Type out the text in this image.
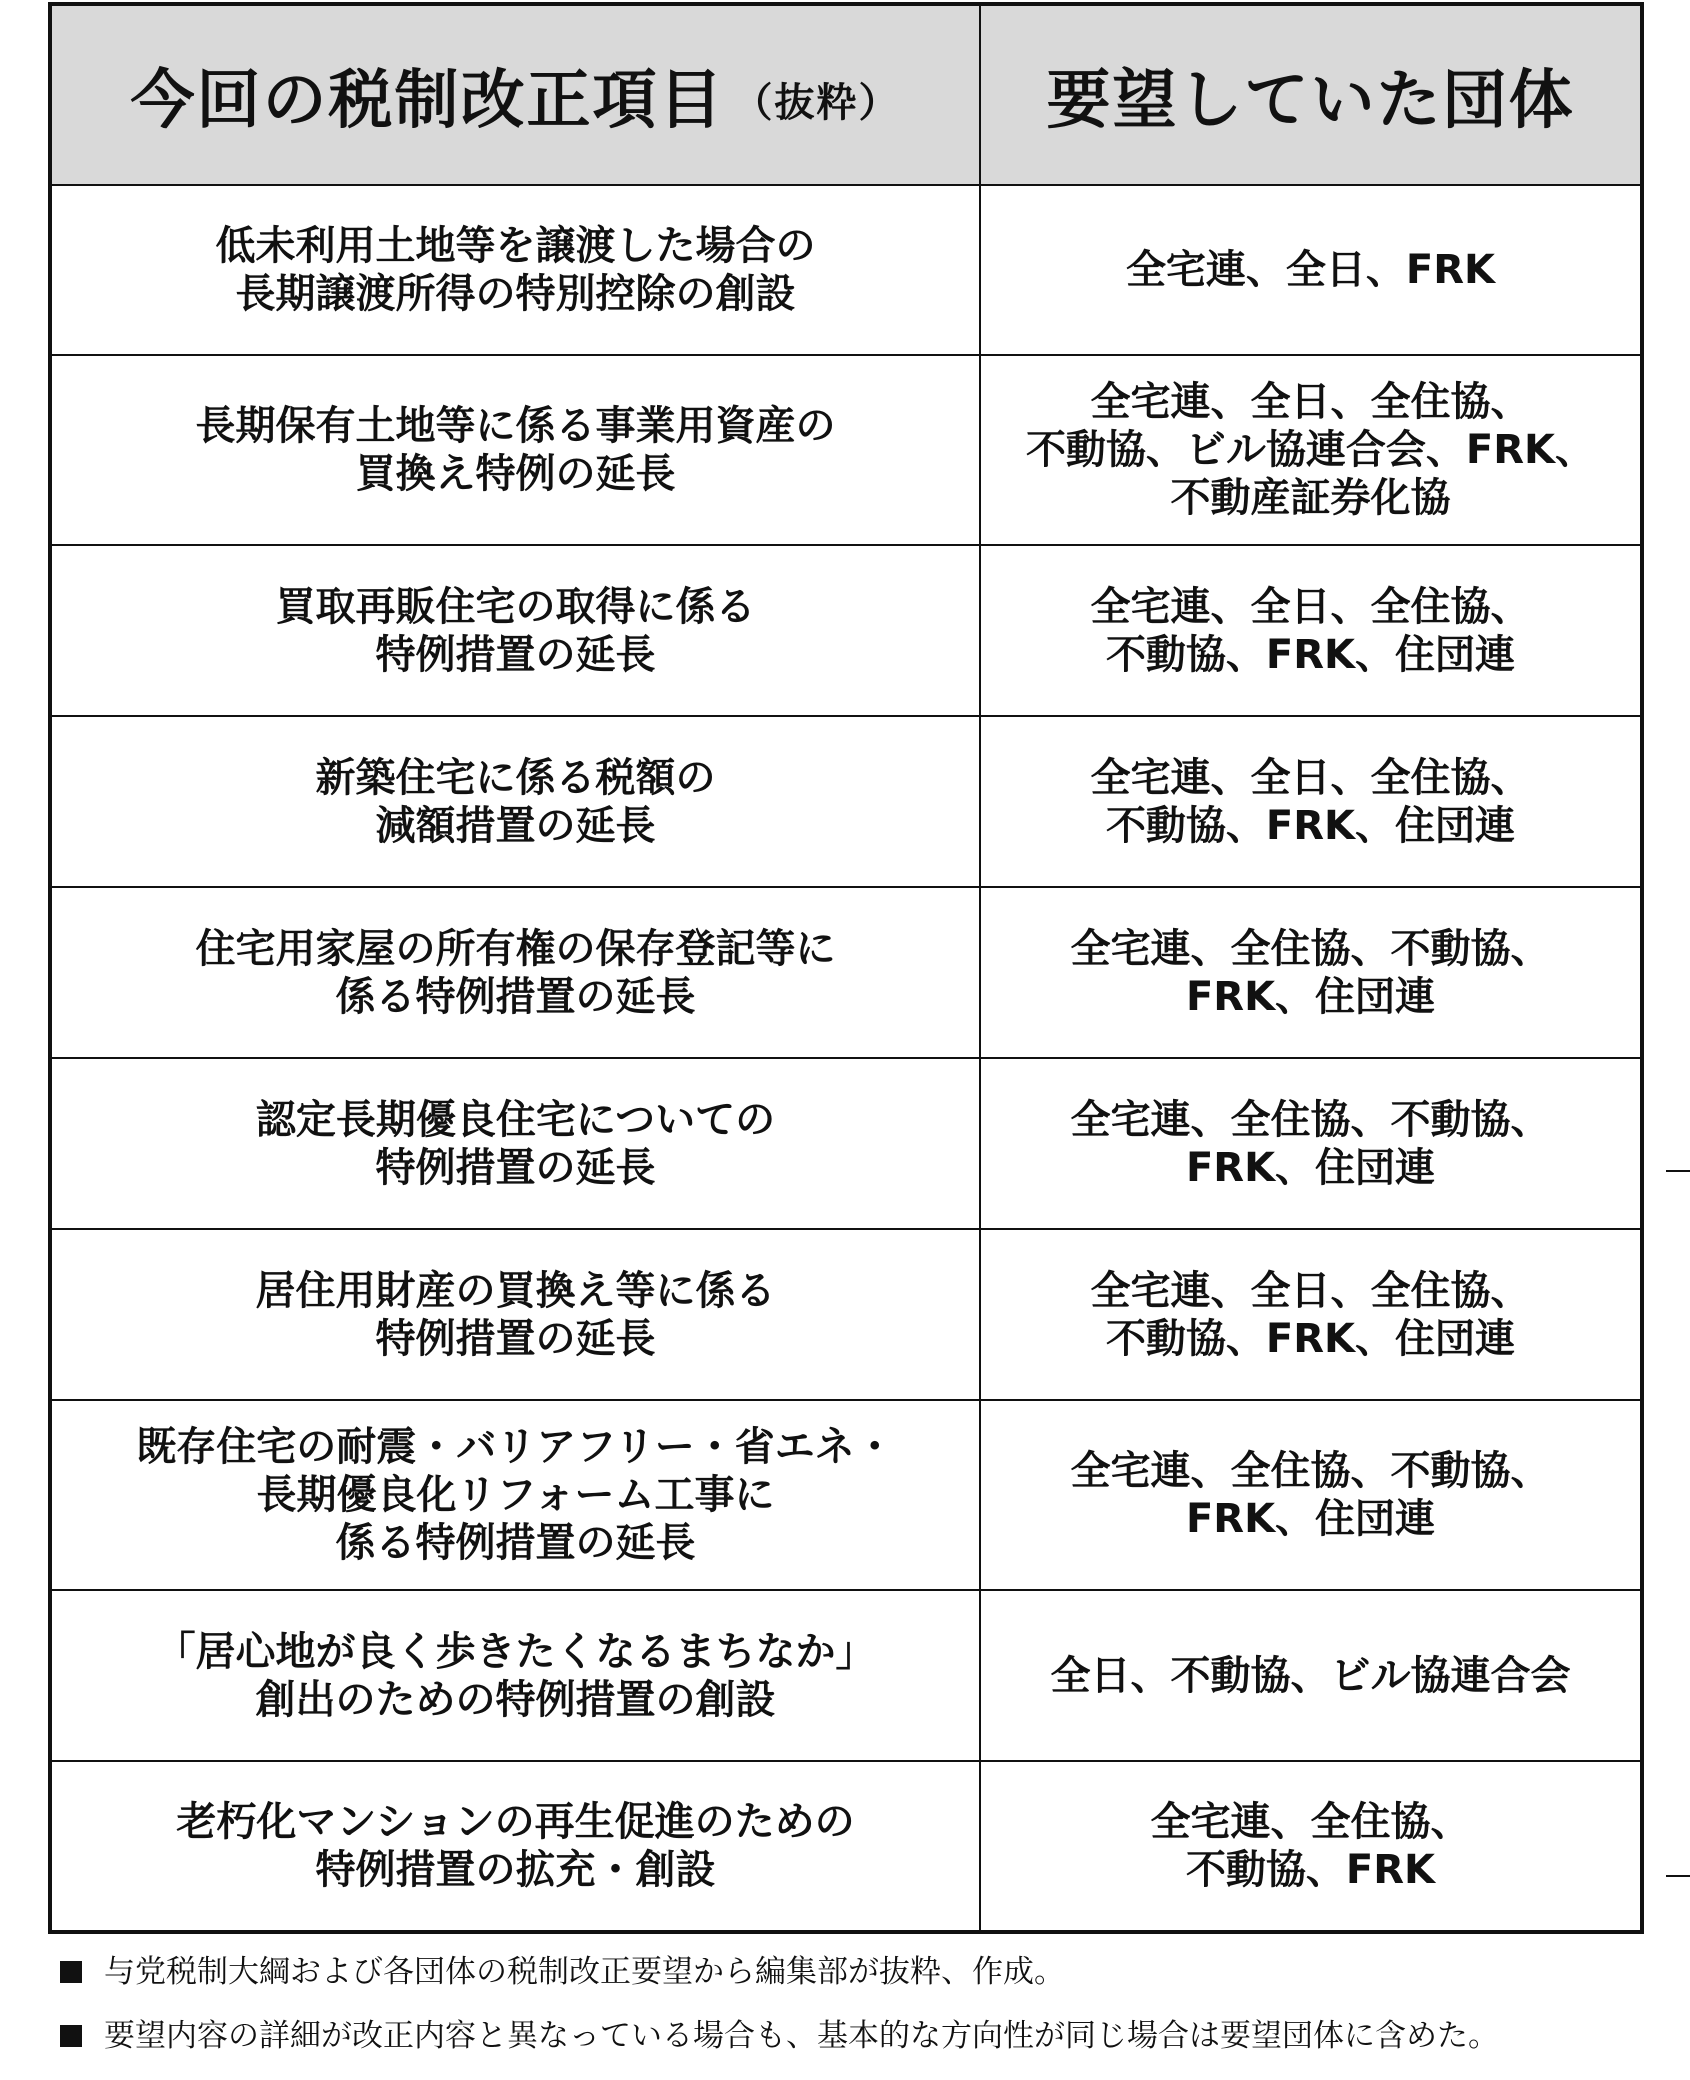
今回の税制改正項目 （抜粋）	要望していた団体
低未利用土地等を譲渡した場合の
長期譲渡所得の特別控除の創設
全宅連、全日、FRK
長期保有土地等に係る事業用資産の
買換え特例の延長
全宅連、全日、全住協、
不動協、ビル協連合会、FRK、
不動産証券化協
買取再販住宅の取得に係る
特例措置の延長
全宅連、全日、全住協、
不動協、FRK、住団連
新築住宅に係る税額の
減額措置の延長
全宅連、全日、全住協、
不動協、FRK、住団連
住宅用家屋の所有権の保存登記等に
係る特例措置の延長
全宅連、全住協、不動協、
FRK、住団連
認定長期優良住宅についての
特例措置の延長
全宅連、全住協、不動協、
FRK、住団連
居住用財産の買換え等に係る
特例措置の延長
全宅連、全日、全住協、
不動協、FRK、住団連
既存住宅の耐震・バリアフリー・省エネ・
長期優良化リフォーム工事に
係る特例措置の延長
全宅連、全住協、不動協、
FRK、住団連
「居心地が良く歩きたくなるまちなか」
創出のための特例措置の創設
全日、不動協、ビル協連合会
老朽化マンションの再生促進のための
特例措置の拡充・創設
全宅連、全住協、
不動協、FRK
与党税制大綱および各団体の税制改正要望から編集部が抜粋、作成。
要望内容の詳細が改正内容と異なっている場合も、基本的な方向性が同じ場合は要望団体に含めた。
